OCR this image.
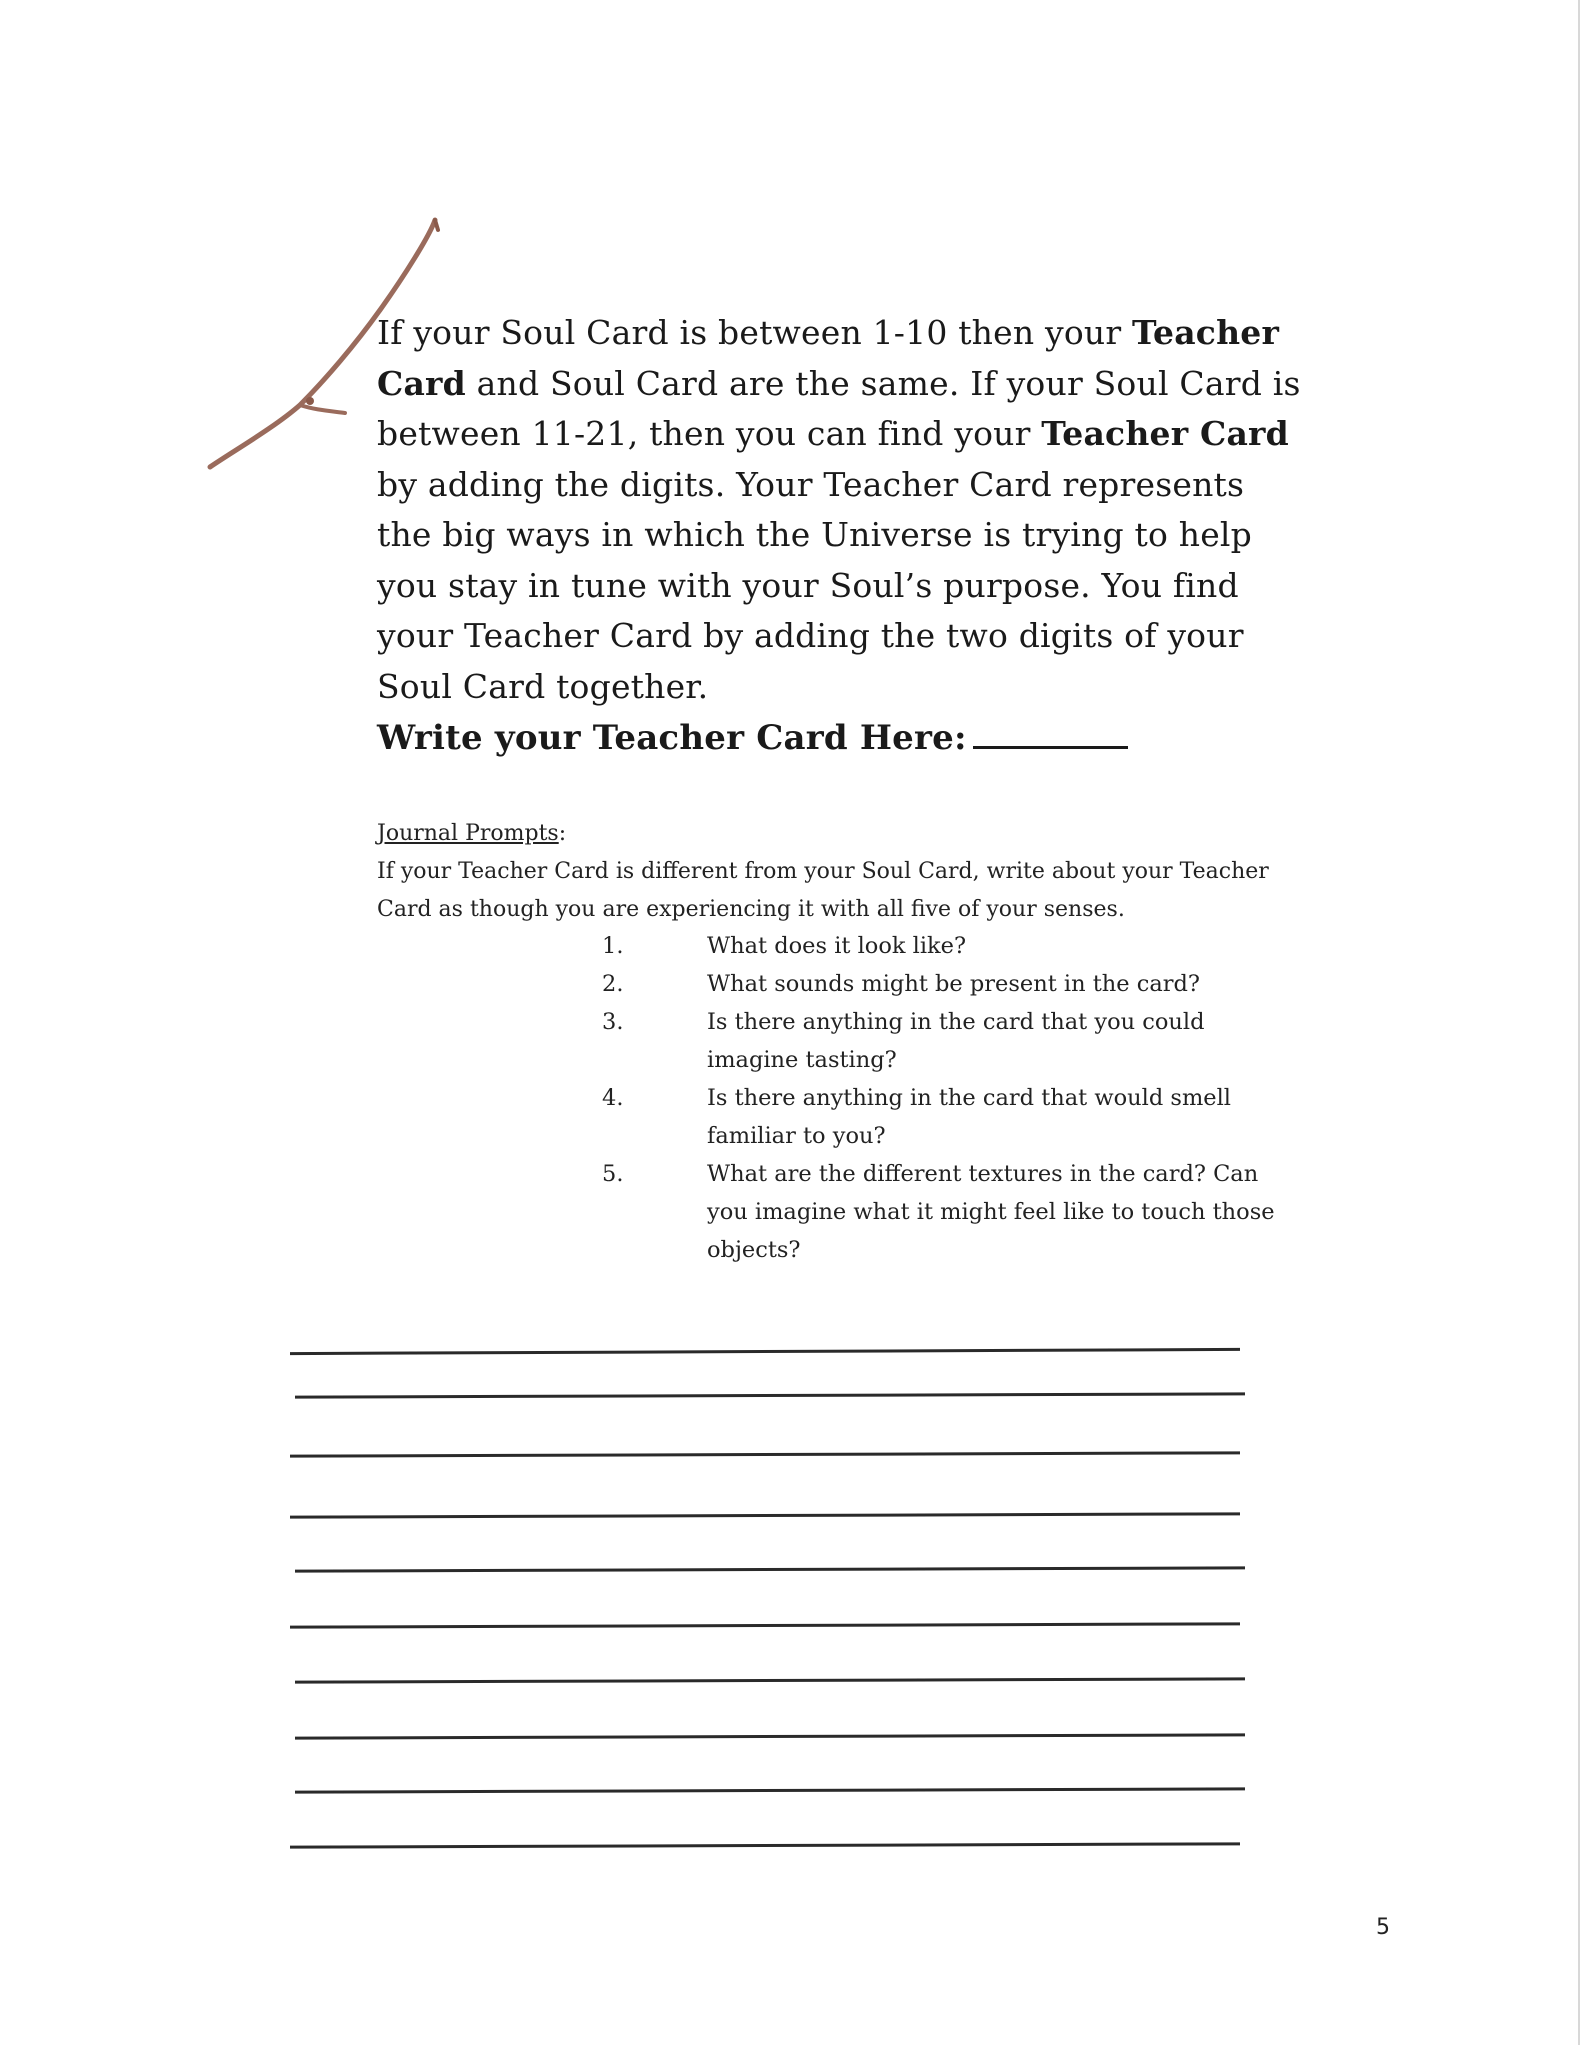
If your Soul Card is between 1-10 then your Teacher Card and Soul Card are the same. If your Soul Card is between 11-21, then you can find your Teacher Card by adding the digits. Your Teacher Card represents the big ways in which the Universe is trying to help you stay in tune with your Soul’s purpose. You find your Teacher Card by adding the two digits of your Soul Card together.
Write your Teacher Card Here:
Journal Prompts:
If your Teacher Card is different from your Soul Card, write about your Teacher Card as though you are experiencing it with all five of your senses.
1.	What does it look like?
2.	What sounds might be present in the card?
3.	Is there anything in the card that you could imagine tasting?
4.	Is there anything in the card that would smell familiar to you?
5.	What are the different textures in the card? Can you imagine what it might feel like to touch those objects?
5
